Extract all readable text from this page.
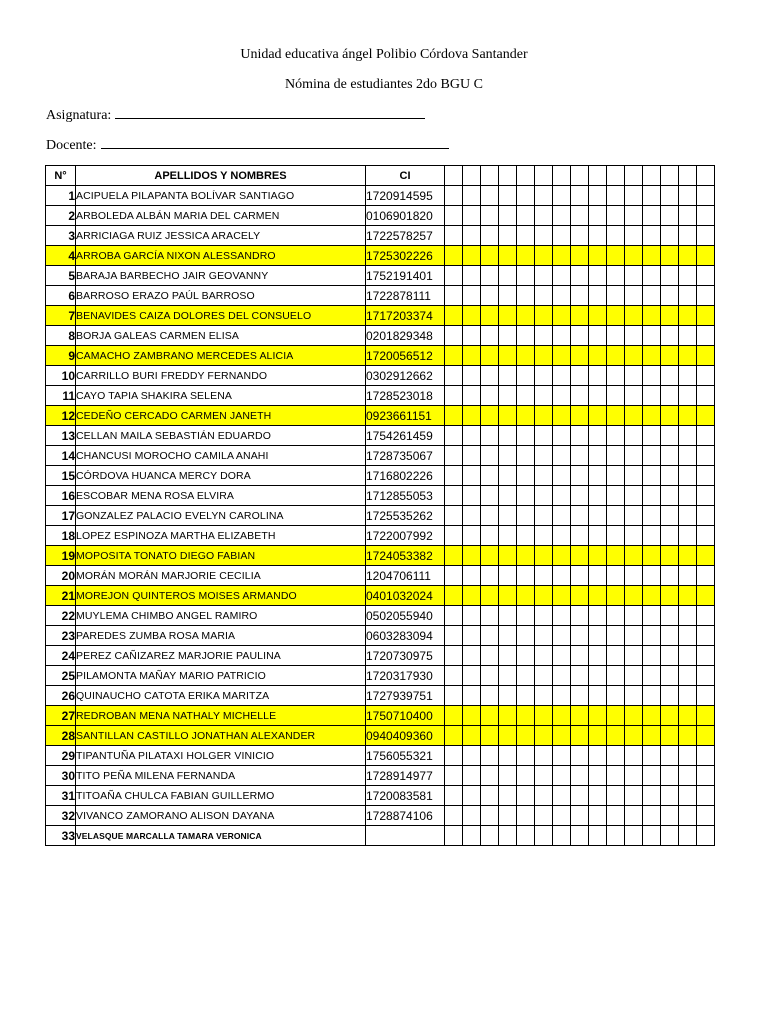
Unidad educativa ángel Polibio Córdova Santander
Nómina de estudiantes 2do BGU C
Asignatura:
Docente:
N°	APELLIDOS Y NOMBRES	CI															
1	ACIPUELA PILAPANTA BOLÍVAR SANTIAGO	1720914595															
2	ARBOLEDA ALBÁN MARIA DEL CARMEN	0106901820															
3	ARRICIAGA RUIZ JESSICA ARACELY	1722578257															
4	ARROBA GARCÍA NIXON ALESSANDRO	1725302226															
5	BARAJA BARBECHO JAIR GEOVANNY	1752191401															
6	BARROSO ERAZO PAÚL BARROSO	1722878111															
7	BENAVIDES CAIZA DOLORES DEL CONSUELO	1717203374															
8	BORJA GALEAS CARMEN ELISA	0201829348															
9	CAMACHO ZAMBRANO MERCEDES ALICIA	1720056512															
10	CARRILLO BURI FREDDY FERNANDO	0302912662															
11	CAYO TAPIA SHAKIRA SELENA	1728523018															
12	CEDEÑO CERCADO CARMEN JANETH	0923661151															
13	CELLAN MAILA SEBASTIÁN EDUARDO	1754261459															
14	CHANCUSI MOROCHO CAMILA ANAHI	1728735067															
15	CÓRDOVA HUANCA MERCY DORA	1716802226															
16	ESCOBAR MENA ROSA ELVIRA	1712855053															
17	GONZALEZ PALACIO EVELYN CAROLINA	1725535262															
18	LOPEZ ESPINOZA MARTHA ELIZABETH	1722007992															
19	MOPOSITA TONATO DIEGO FABIAN	1724053382															
20	MORÁN MORÁN MARJORIE CECILIA	1204706111															
21	MOREJON QUINTEROS MOISES ARMANDO	0401032024															
22	MUYLEMA CHIMBO ANGEL RAMIRO	0502055940															
23	PAREDES ZUMBA ROSA MARIA	0603283094															
24	PEREZ CAÑIZAREZ MARJORIE PAULINA	1720730975															
25	PILAMONTA MAÑAY MARIO PATRICIO	1720317930															
26	QUINAUCHO CATOTA ERIKA MARITZA	1727939751															
27	REDROBAN MENA NATHALY MICHELLE	1750710400															
28	SANTILLAN CASTILLO JONATHAN ALEXANDER	0940409360															
29	TIPANTUÑA PILATAXI HOLGER VINICIO	1756055321															
30	TITO PEÑA MILENA FERNANDA	1728914977															
31	TITOAÑA CHULCA FABIAN GUILLERMO	1720083581															
32	VIVANCO ZAMORANO ALISON DAYANA	1728874106															
33	VELASQUE MARCALLA TAMARA VERONICA																
